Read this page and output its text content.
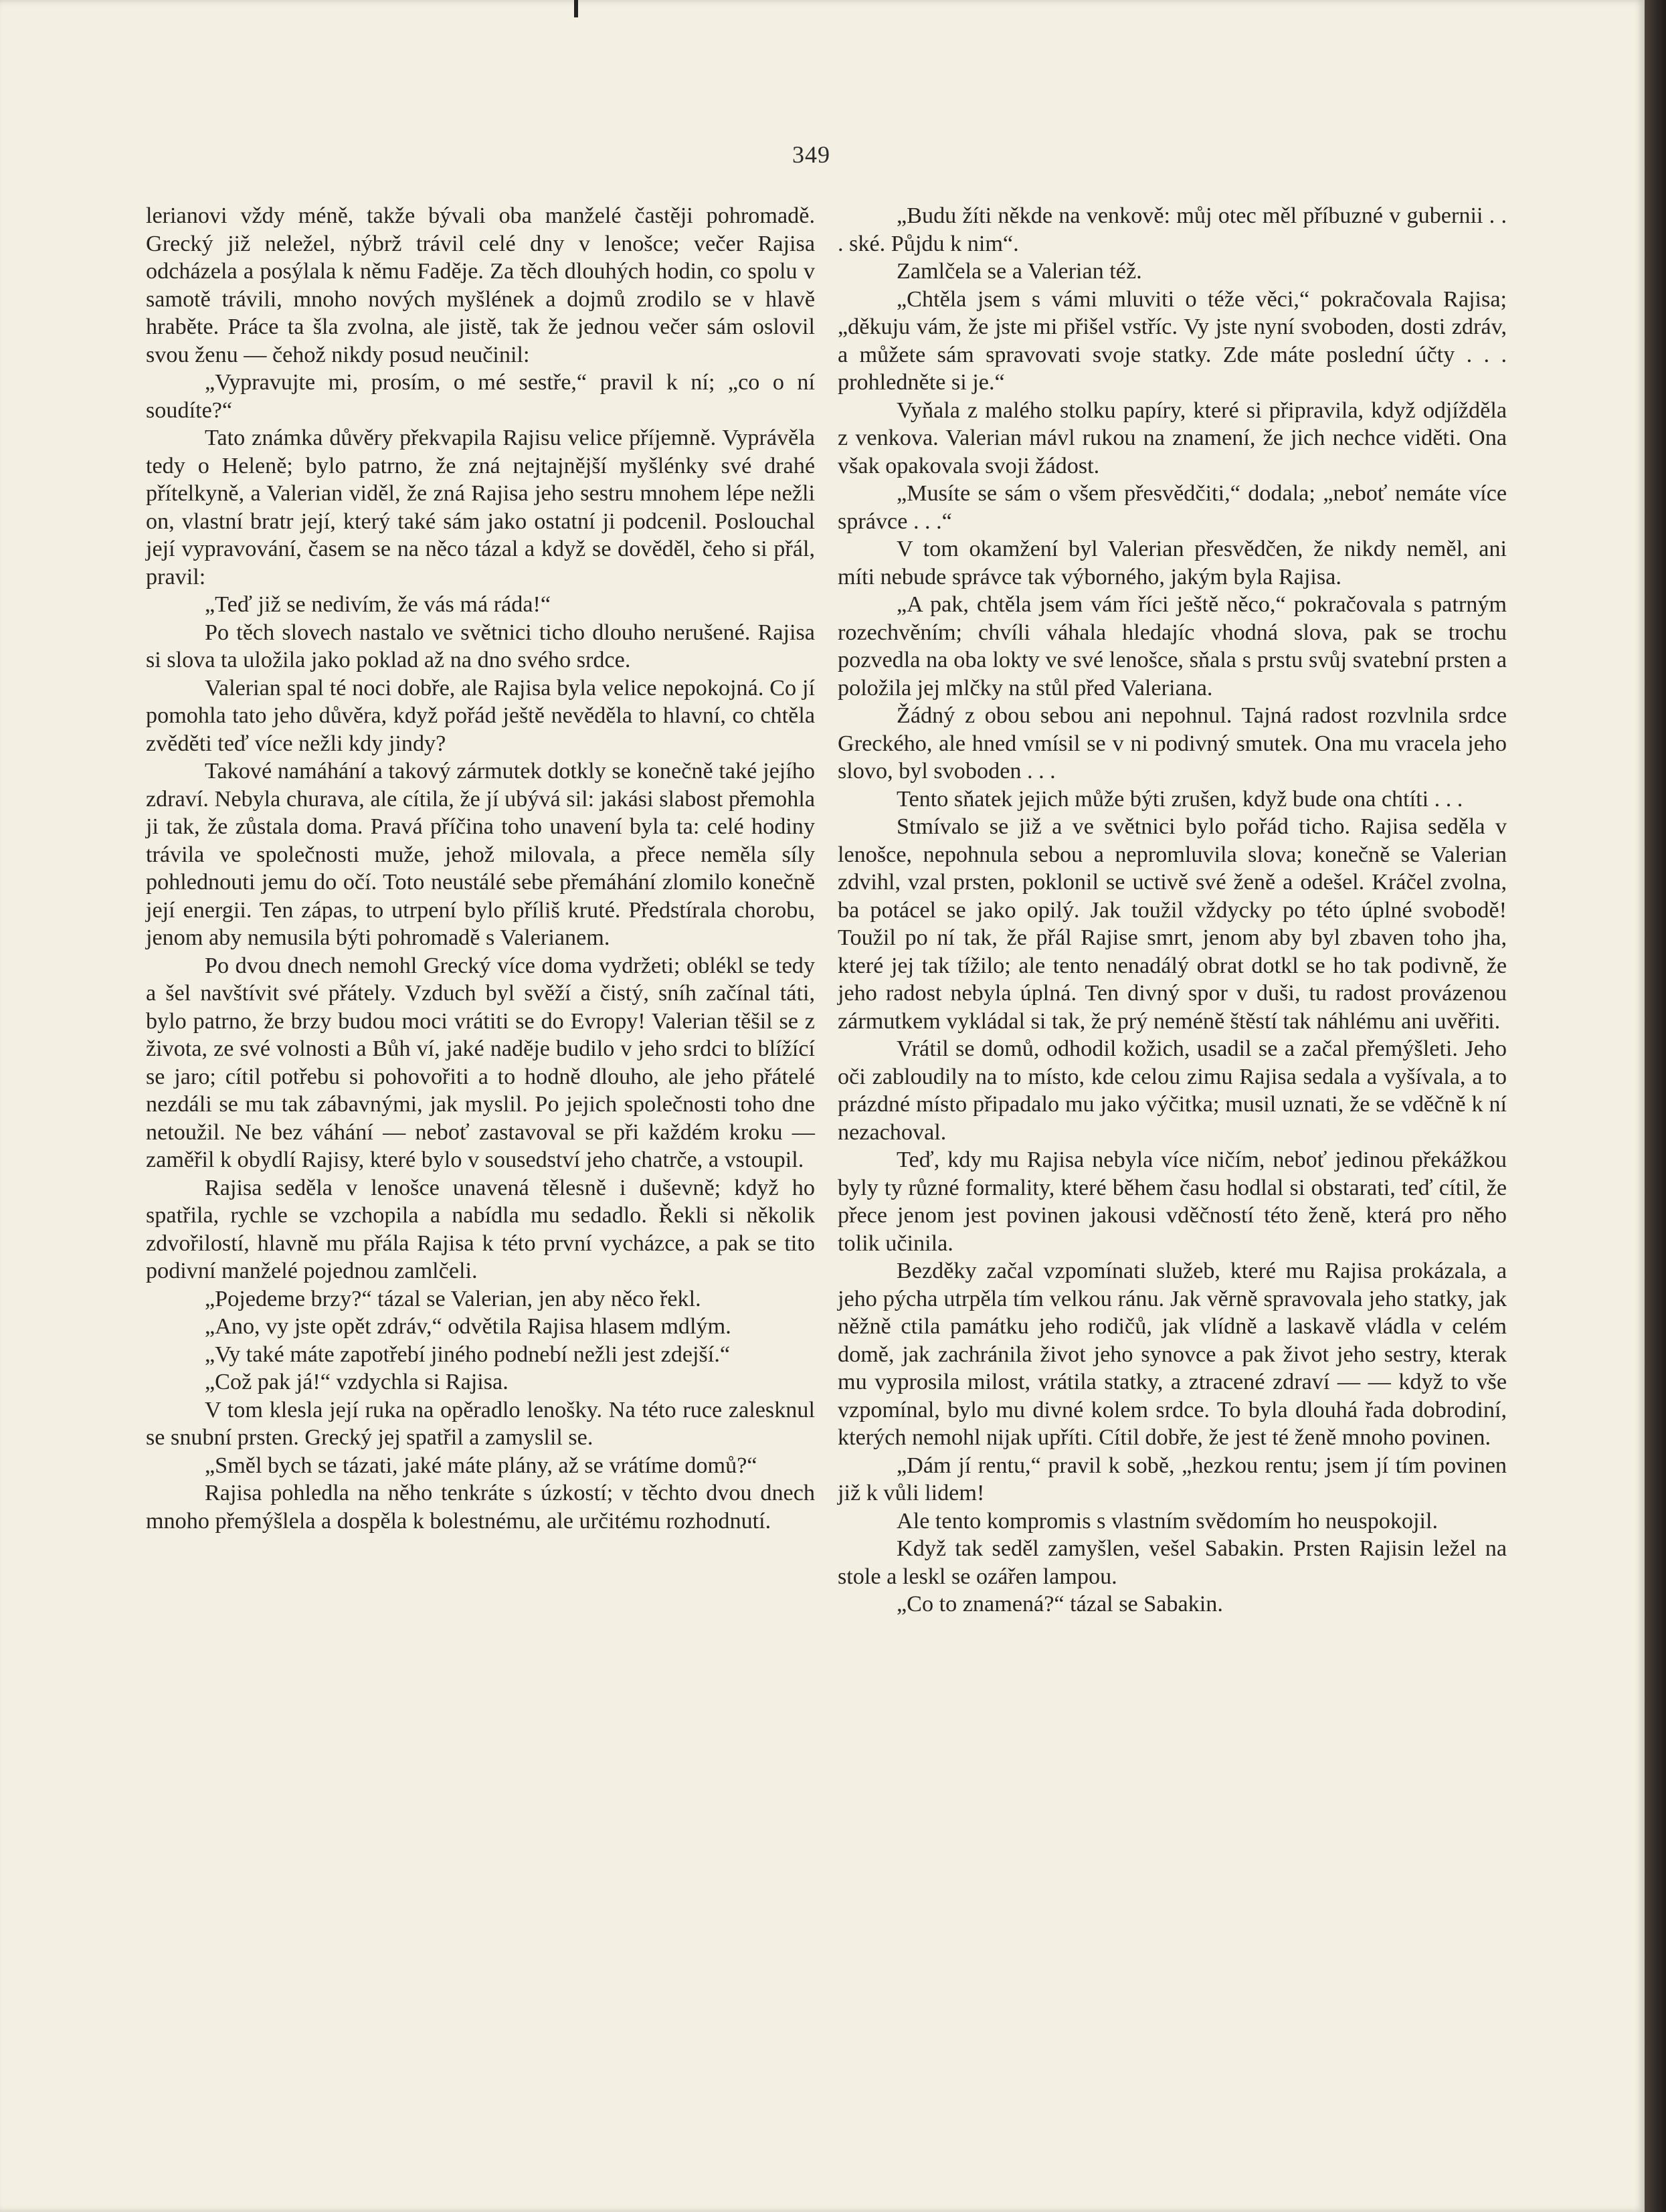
349

lerianovi vždy méně, takže bývali oba manželé častěji pohromadě. Grecký již neležel, nýbrž trávil celé dny v lenošce; večer Rajisa odcházela a posýlala k němu Faděje. Za těch dlouhých hodin, co spolu v samotě trávili, mnoho nových myšlének a dojmů zrodilo se v hlavě hraběte. Práce ta šla zvolna, ale jistě, tak že jednou večer sám oslovil svou ženu — čehož nikdy posud neučinil:

„Vypravujte mi, prosím, o mé sestře,“ pravil k ní; „co o ní soudíte?“

Tato známka důvěry překvapila Rajisu velice příjemně. Vyprávěla tedy o Heleně; bylo patrno, že zná nejtajnější myšlénky své drahé přítelkyně, a Valerian viděl, že zná Rajisa jeho sestru mnohem lépe nežli on, vlastní bratr její, který také sám jako ostatní ji podcenil. Poslouchal její vypravování, časem se na něco tázal a když se dověděl, čeho si přál, pravil:

„Teď již se nedivím, že vás má ráda!“

Po těch slovech nastalo ve světnici ticho dlouho nerušené. Rajisa si slova ta uložila jako poklad až na dno svého srdce.

Valerian spal té noci dobře, ale Rajisa byla velice nepokojná. Co jí pomohla tato jeho důvěra, když pořád ještě nevěděla to hlavní, co chtěla zvěděti teď více nežli kdy jindy?

Takové namáhání a takový zármutek dotkly se konečně také jejího zdraví. Nebyla churava, ale cítila, že jí ubývá sil: jakási slabost přemohla ji tak, že zůstala doma. Pravá příčina toho unavení byla ta: celé hodiny trávila ve společnosti muže, jehož milovala, a přece neměla síly pohlednouti jemu do očí. Toto neustálé sebe přemáhání zlomilo konečně její energii. Ten zápas, to utrpení bylo příliš kruté. Předstírala chorobu, jenom aby nemusila býti pohromadě s Valerianem.

Po dvou dnech nemohl Grecký více doma vydržeti; oblékl se tedy a šel navštívit své přátely. Vzduch byl svěží a čistý, sníh začínal táti, bylo patrno, že brzy budou moci vrátiti se do Evropy! Valerian těšil se z života, ze své volnosti a Bůh ví, jaké naděje budilo v jeho srdci to blížící se jaro; cítil potřebu si pohovořiti a to hodně dlouho, ale jeho přátelé nezdáli se mu tak zábavnými, jak myslil. Po jejich společnosti toho dne netoužil. Ne bez váhání — neboť zastavoval se při každém kroku — zaměřil k obydlí Rajisy, které bylo v sousedství jeho chatrče, a vstoupil.

Rajisa seděla v lenošce unavená tělesně i duševně; když ho spatřila, rychle se vzchopila a nabídla mu sedadlo. Řekli si několik zdvořilostí, hlavně mu přála Rajisa k této první vycházce, a pak se tito podivní manželé pojednou zamlčeli.

„Pojedeme brzy?“ tázal se Valerian, jen aby něco řekl.

„Ano, vy jste opět zdráv,“ odvětila Rajisa hlasem mdlým.

„Vy také máte zapotřebí jiného podnebí nežli jest zdejší.“

„Což pak já!“ vzdychla si Rajisa.

V tom klesla její ruka na opěradlo lenošky. Na této ruce zalesknul se snubní prsten. Grecký jej spatřil a zamyslil se.

„Směl bych se tázati, jaké máte plány, až se vrátíme domů?“

Rajisa pohledla na něho tenkráte s úzkostí; v těchto dvou dnech mnoho přemýšlela a dospěla k bolestnému, ale určitému rozhodnutí.

„Budu žíti někde na venkově: můj otec měl příbuzné v gubernii . . . ské. Půjdu k nim“.

Zamlčela se a Valerian též.

„Chtěla jsem s vámi mluviti o téže věci,“ pokračovala Rajisa; „děkuju vám, že jste mi přišel vstříc. Vy jste nyní svoboden, dosti zdráv, a můžete sám spravovati svoje statky. Zde máte poslední účty . . . prohledněte si je.“

Vyňala z malého stolku papíry, které si připravila, když odjížděla z venkova. Valerian mávl rukou na znamení, že jich nechce viděti. Ona však opakovala svoji žádost.

„Musíte se sám o všem přesvědčiti,“ dodala; „neboť nemáte více správce . . .“

V tom okamžení byl Valerian přesvědčen, že nikdy neměl, ani míti nebude správce tak výborného, jakým byla Rajisa.

„A pak, chtěla jsem vám říci ještě něco,“ pokračovala s patrným rozechvěním; chvíli váhala hledajíc vhodná slova, pak se trochu pozvedla na oba lokty ve své lenošce, sňala s prstu svůj svatební prsten a položila jej mlčky na stůl před Valeriana.

Žádný z obou sebou ani nepohnul. Tajná radost rozvlnila srdce Greckého, ale hned vmísil se v ni podivný smutek. Ona mu vracela jeho slovo, byl svoboden . . .

Tento sňatek jejich může býti zrušen, když bude ona chtíti . . .

Stmívalo se již a ve světnici bylo pořád ticho. Rajisa seděla v lenošce, nepohnula sebou a nepromluvila slova; konečně se Valerian zdvihl, vzal prsten, poklonil se uctivě své ženě a odešel. Kráčel zvolna, ba potácel se jako opilý. Jak toužil vždycky po této úplné svobodě! Toužil po ní tak, že přál Rajise smrt, jenom aby byl zbaven toho jha, které jej tak tížilo; ale tento nenadálý obrat dotkl se ho tak podivně, že jeho radost nebyla úplná. Ten divný spor v duši, tu radost provázenou zármutkem vykládal si tak, že prý neméně štěstí tak náhlému ani uvěřiti.

Vrátil se domů, odhodil kožich, usadil se a začal přemýšleti. Jeho oči zabloudily na to místo, kde celou zimu Rajisa sedala a vyšívala, a to prázdné místo připadalo mu jako výčitka; musil uznati, že se vděčně k ní nezachoval.

Teď, kdy mu Rajisa nebyla více ničím, neboť jedinou překážkou byly ty různé formality, které během času hodlal si obstarati, teď cítil, že přece jenom jest povinen jakousi vděčností této ženě, která pro něho tolik učinila.

Bezděky začal vzpomínati služeb, které mu Rajisa prokázala, a jeho pýcha utrpěla tím velkou ránu. Jak věrně spravovala jeho statky, jak něžně ctila památku jeho rodičů, jak vlídně a laskavě vládla v celém domě, jak zachránila život jeho synovce a pak život jeho sestry, kterak mu vyprosila milost, vrátila statky, a ztracené zdraví — — když to vše vzpomínal, bylo mu divné kolem srdce. To byla dlouhá řada dobrodiní, kterých nemohl nijak upříti. Cítil dobře, že jest té ženě mnoho povinen.

„Dám jí rentu,“ pravil k sobě, „hezkou rentu; jsem jí tím povinen již k vůli lidem!

Ale tento kompromis s vlastním svědomím ho neuspokojil.

Když tak seděl zamyšlen, vešel Sabakin. Prsten Rajisin ležel na stole a leskl se ozářen lampou.

„Co to znamená?“ tázal se Sabakin.
